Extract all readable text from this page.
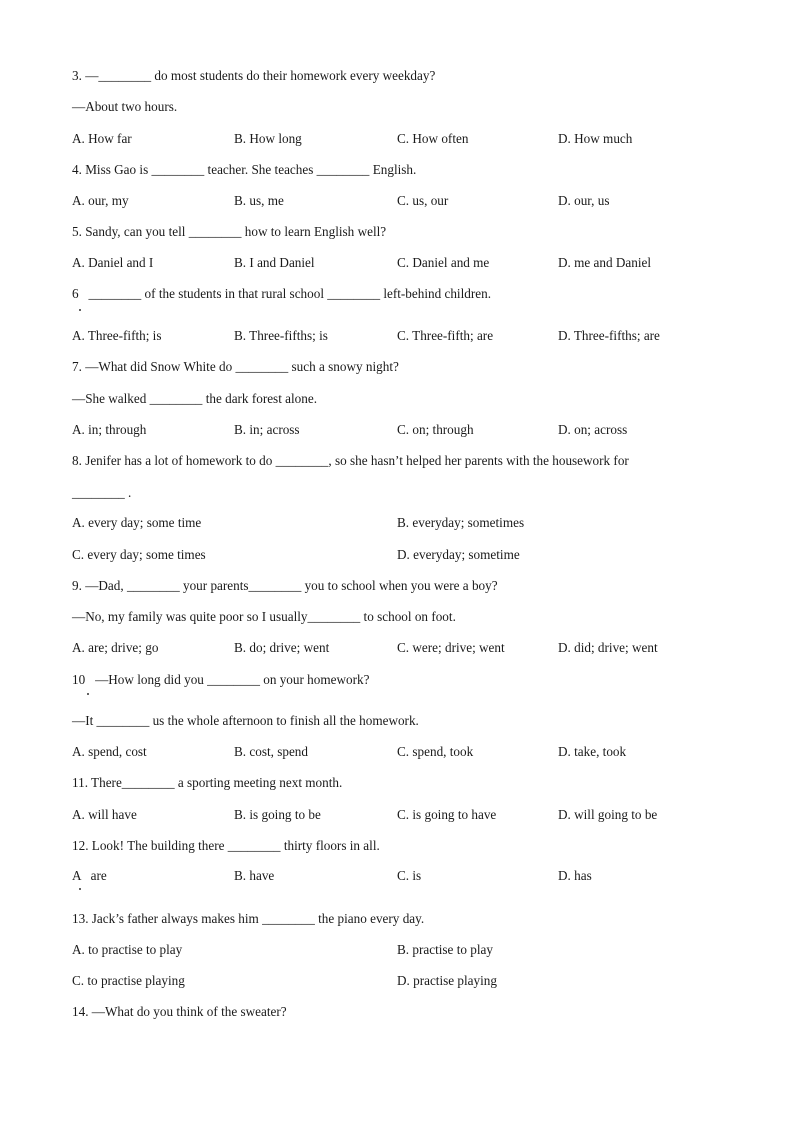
3. —________ do most students do their homework every weekday?
—About two hours.
A. How far	B. How long	C. How often	D. How much
4. Miss Gao is ________ teacher. She teaches ________ English.
A. our, my	B. us, me	C. us, our	D. our, us
5. Sandy, can you tell ________ how to learn English well?
A. Daniel and I	B. I and Daniel	C. Daniel and me	D. me and Daniel
6   ________ of the students in that rural school ________ left-behind children.
A. Three-fifth; is	B. Three-fifths; is	C. Three-fifth; are	D. Three-fifths; are
7. —What did Snow White do ________ such a snowy night?
—She walked ________ the dark forest alone.
A. in; through	B. in; across	C. on; through	D. on; across
8. Jenifer has a lot of homework to do ________, so she hasn’t helped her parents with the housework for
________ .
A. every day; some time	B. everyday; sometimes
C. every day; some times	D. everyday; sometime
9. —Dad, ________ your parents________ you to school when you were a boy?
—No, my family was quite poor so I usually________ to school on foot.
A. are; drive; go	B. do; drive; went	C. were; drive; went	D. did; drive; went
10   —How long did you ________ on your homework?
—It ________ us the whole afternoon to finish all the homework.
A. spend, cost	B. cost, spend	C. spend, took	D. take, took
11. There________ a sporting meeting next month.
A. will have	B. is going to be	C. is going to have	D. will going to be
12. Look! The building there ________ thirty floors in all.
A   are	B. have	C. is	D. has
13. Jack’s father always makes him ________ the piano every day.
A. to practise to play	B. practise to play
C. to practise playing	D. practise playing
14. —What do you think of the sweater?
